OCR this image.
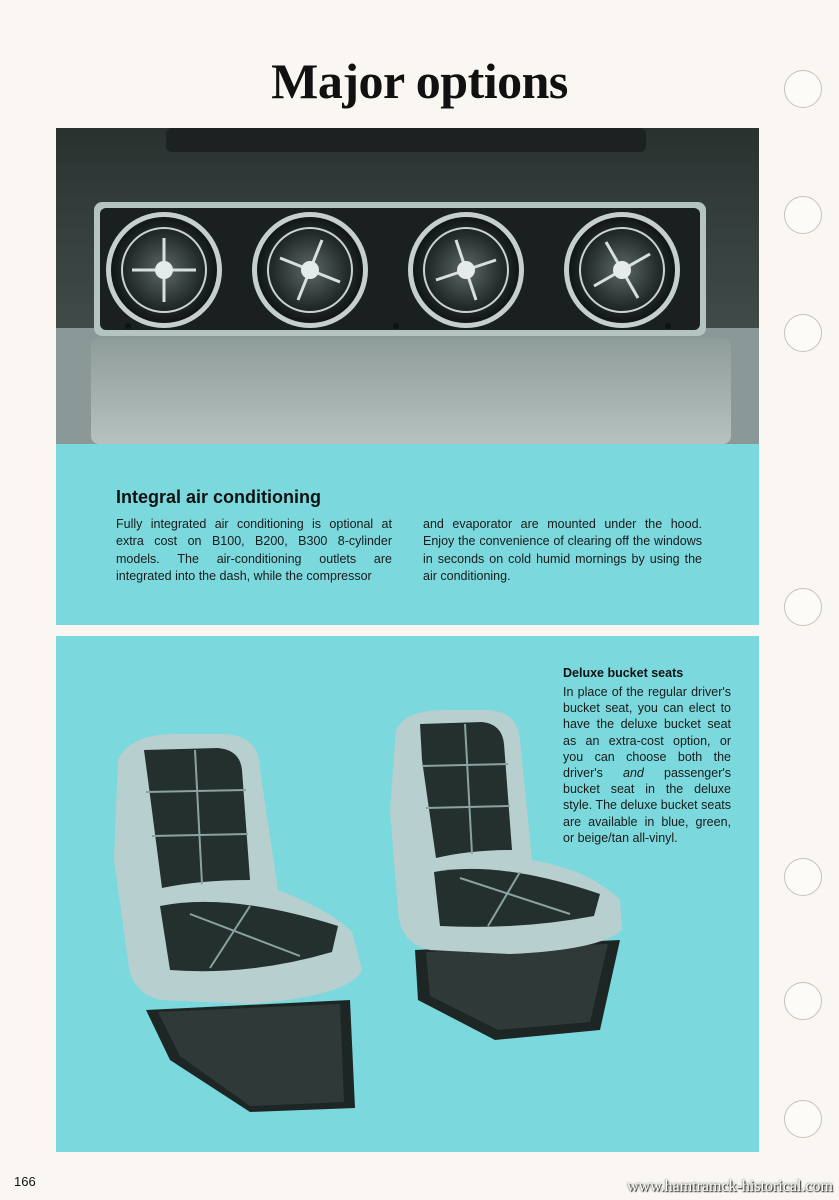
Major options
Integral air conditioning
Fully integrated air conditioning is optional at extra cost on B100, B200, B300 8-cylinder models. The air-conditioning outlets are integrated into the dash, while the compressor
and evaporator are mounted under the hood. Enjoy the convenience of clearing off the windows in seconds on cold humid mornings by using the air conditioning.
Deluxe bucket seats
In place of the regular driver's bucket seat, you can elect to have the deluxe bucket seat as an extra-cost option, or you can choose both the driver's and passenger's bucket seat in the deluxe style. The deluxe bucket seats are available in blue, green, or beige/tan all-vinyl.
166	www.hamtramck-historical.com
